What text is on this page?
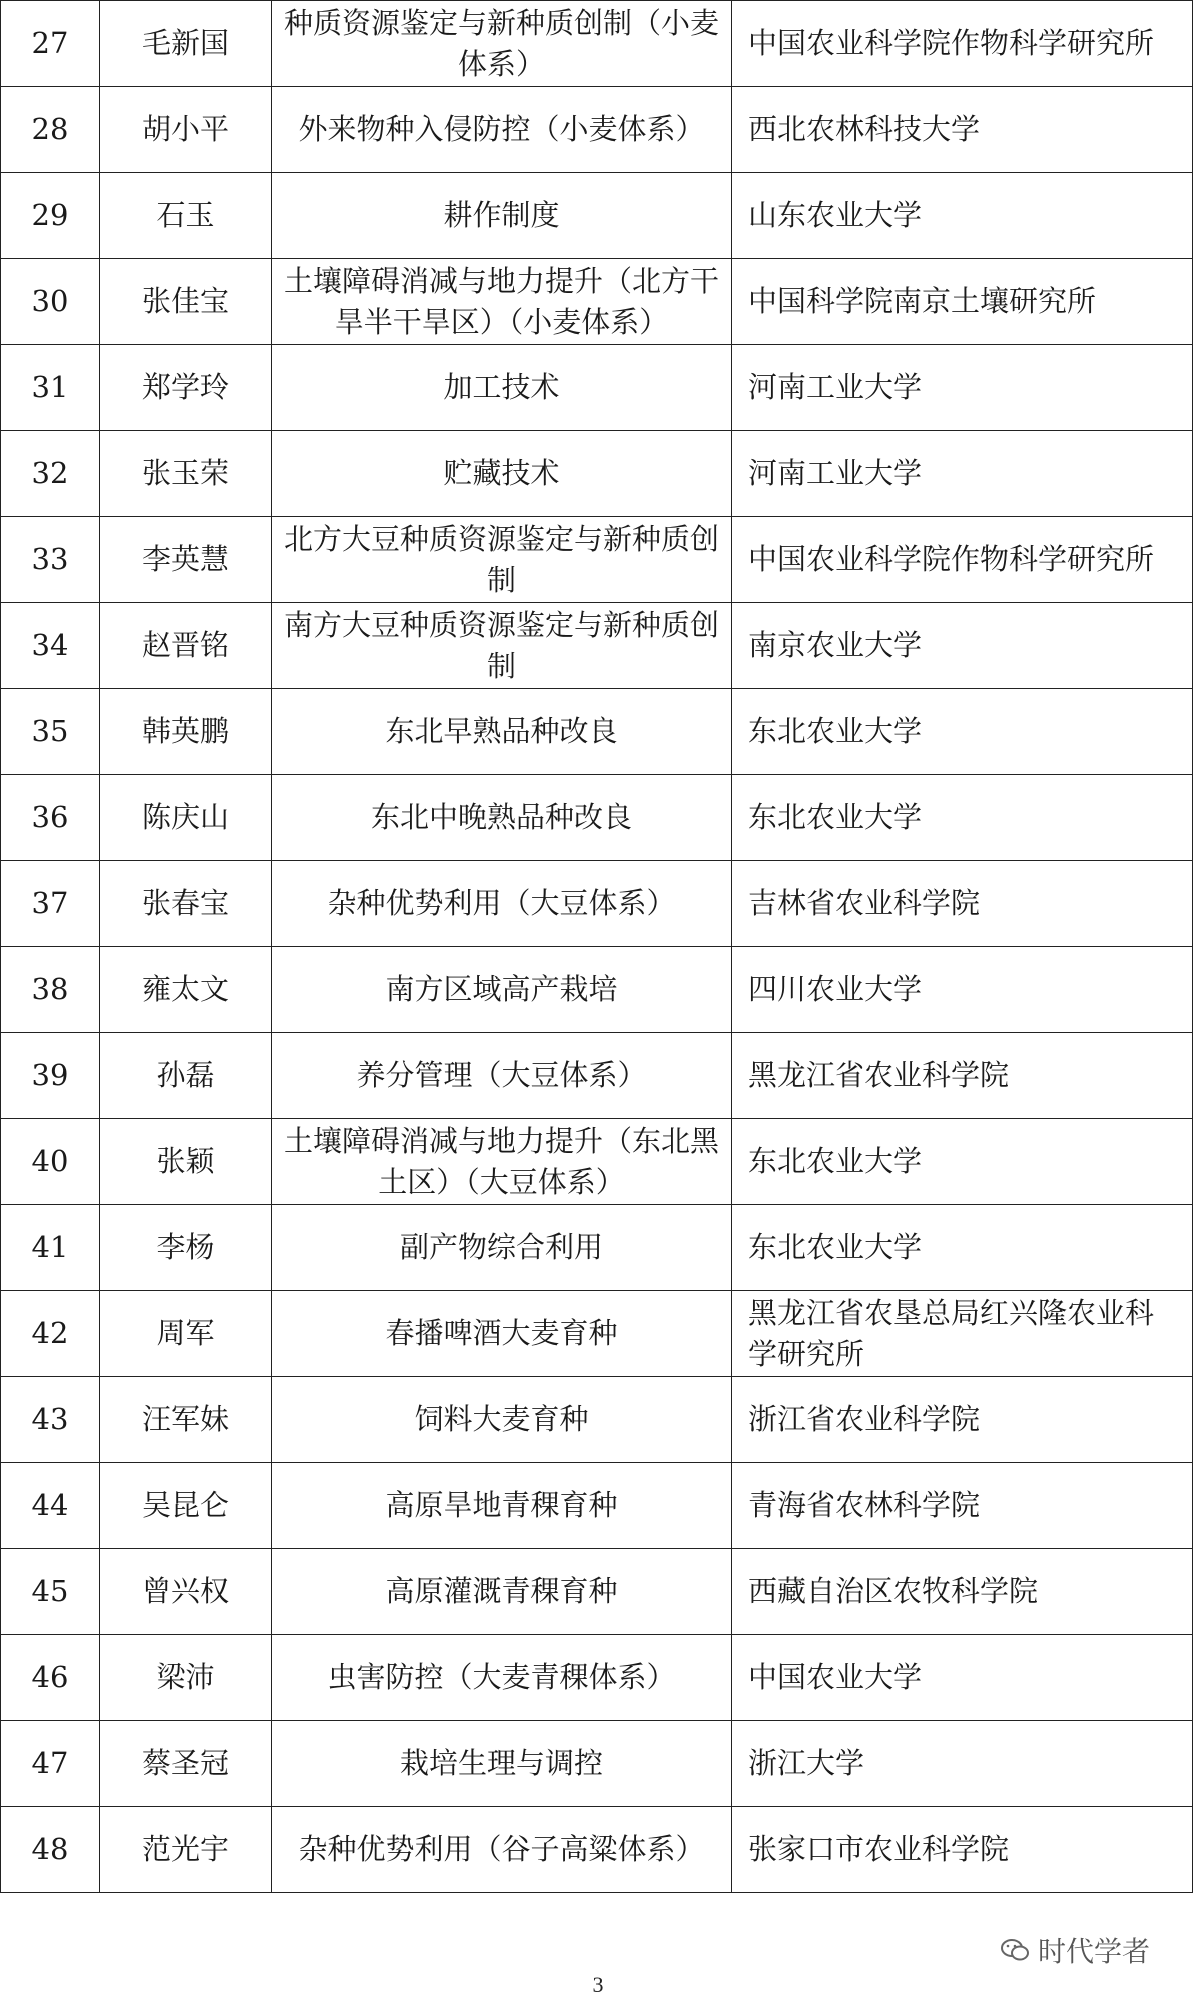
27	毛新国	种质资源鉴定与新种质创制（小麦体系）	中国农业科学院作物科学研究所
28	胡小平	外来物种入侵防控（小麦体系）	西北农林科技大学
29	石玉	耕作制度	山东农业大学
30	张佳宝	土壤障碍消减与地力提升（北方干旱半干旱区）（小麦体系）	中国科学院南京土壤研究所
31	郑学玲	加工技术	河南工业大学
32	张玉荣	贮藏技术	河南工业大学
33	李英慧	北方大豆种质资源鉴定与新种质创制	中国农业科学院作物科学研究所
34	赵晋铭	南方大豆种质资源鉴定与新种质创制	南京农业大学
35	韩英鹏	东北早熟品种改良	东北农业大学
36	陈庆山	东北中晚熟品种改良	东北农业大学
37	张春宝	杂种优势利用（大豆体系）	吉林省农业科学院
38	雍太文	南方区域高产栽培	四川农业大学
39	孙磊	养分管理（大豆体系）	黑龙江省农业科学院
40	张颖	土壤障碍消减与地力提升（东北黑土区）（大豆体系）	东北农业大学
41	李杨	副产物综合利用	东北农业大学
42	周军	春播啤酒大麦育种	黑龙江省农垦总局红兴隆农业科学研究所
43	汪军妹	饲料大麦育种	浙江省农业科学院
44	吴昆仑	高原旱地青稞育种	青海省农林科学院
45	曾兴权	高原灌溉青稞育种	西藏自治区农牧科学院
46	梁沛	虫害防控（大麦青稞体系）	中国农业大学
47	蔡圣冠	栽培生理与调控	浙江大学
48	范光宇	杂种优势利用（谷子高粱体系）	张家口市农业科学院
时代学者
3
